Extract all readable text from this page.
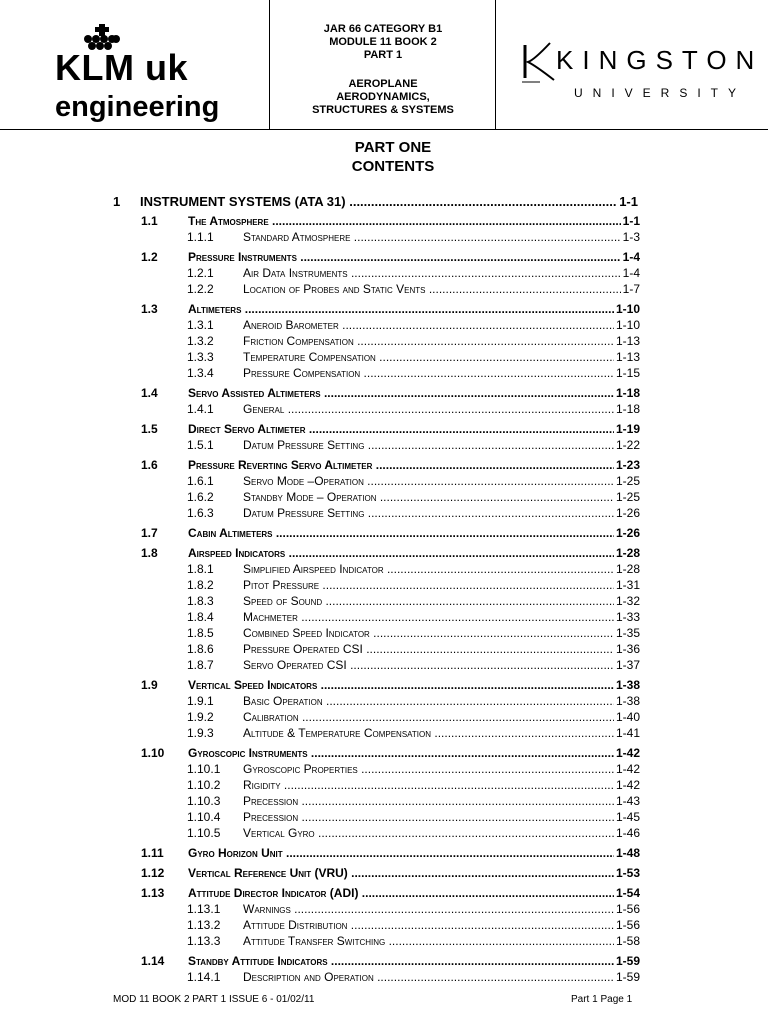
KLM uk
engineering
JAR 66 CATEGORY B1
MODULE 11 BOOK 2
PART 1
AEROPLANE
AERODYNAMICS,
STRUCTURES & SYSTEMS
KINGSTON
UNIVERSITY
PART ONE
CONTENTS
1 INSTRUMENT SYSTEMS (ATA 31) .....	1-1
1.1	The Atmosphere .....	1-1
1.1.1 Standard Atmosphere .....	1-3
1.2	Pressure Instruments .....	1-4
1.2.1 Air Data Instruments .....	1-4
1.2.2 Location of Probes and Static Vents .....	1-7
1.3	Altimeters .....	1-10
1.3.1 Aneroid Barometer .....	1-10
1.3.2 Friction Compensation .....	1-13
1.3.3 Temperature Compensation .....	1-13
1.3.4 Pressure Compensation .....	1-15
1.4	Servo Assisted Altimeters .....	1-18
1.4.1 General .....	1-18
1.5	Direct Servo Altimeter .....	1-19
1.5.1 Datum Pressure Setting .....	1-22
1.6	Pressure Reverting Servo Altimeter .....	1-23
1.6.1 Servo Mode –Operation .....	1-25
1.6.2 Standby Mode – Operation .....	1-25
1.6.3 Datum Pressure Setting .....	1-26
1.7	Cabin Altimeters .....	1-26
1.8	Airspeed Indicators .....	1-28
1.8.1 Simplified Airspeed Indicator .....	1-28
1.8.2 Pitot Pressure .....	1-31
1.8.3 Speed of Sound .....	1-32
1.8.4 Machmeter .....	1-33
1.8.5 Combined Speed Indicator .....	1-35
1.8.6 Pressure Operated CSI .....	1-36
1.8.7 Servo Operated CSI .....	1-37
1.9	Vertical Speed Indicators .....	1-38
1.9.1 Basic Operation .....	1-38
1.9.2 Calibration .....	1-40
1.9.3 Altitude & Temperature Compensation .....	1-41
1.10 Gyroscopic Instruments .....	1-42
1.10.1 Gyroscopic Properties .....	1-42
1.10.2 Rigidity .....	1-42
1.10.3 Precession .....	1-43
1.10.4 Precession .....	1-45
1.10.5 Vertical Gyro .....	1-46
1.11 Gyro Horizon Unit .....	1-48
1.12 Vertical Reference Unit (VRU) .....	1-53
1.13 Attitude Director Indicator (ADI) .....	1-54
1.13.1 Warnings .....	1-56
1.13.2 Attitude Distribution .....	1-56
1.13.3 Attitude Transfer Switching .....	1-58
1.14 Standby Attitude Indicators .....	1-59
1.14.1 Description and Operation .....	1-59
MOD 11 BOOK 2 PART 1 ISSUE 6 - 01/02/11	Part 1 Page 1
